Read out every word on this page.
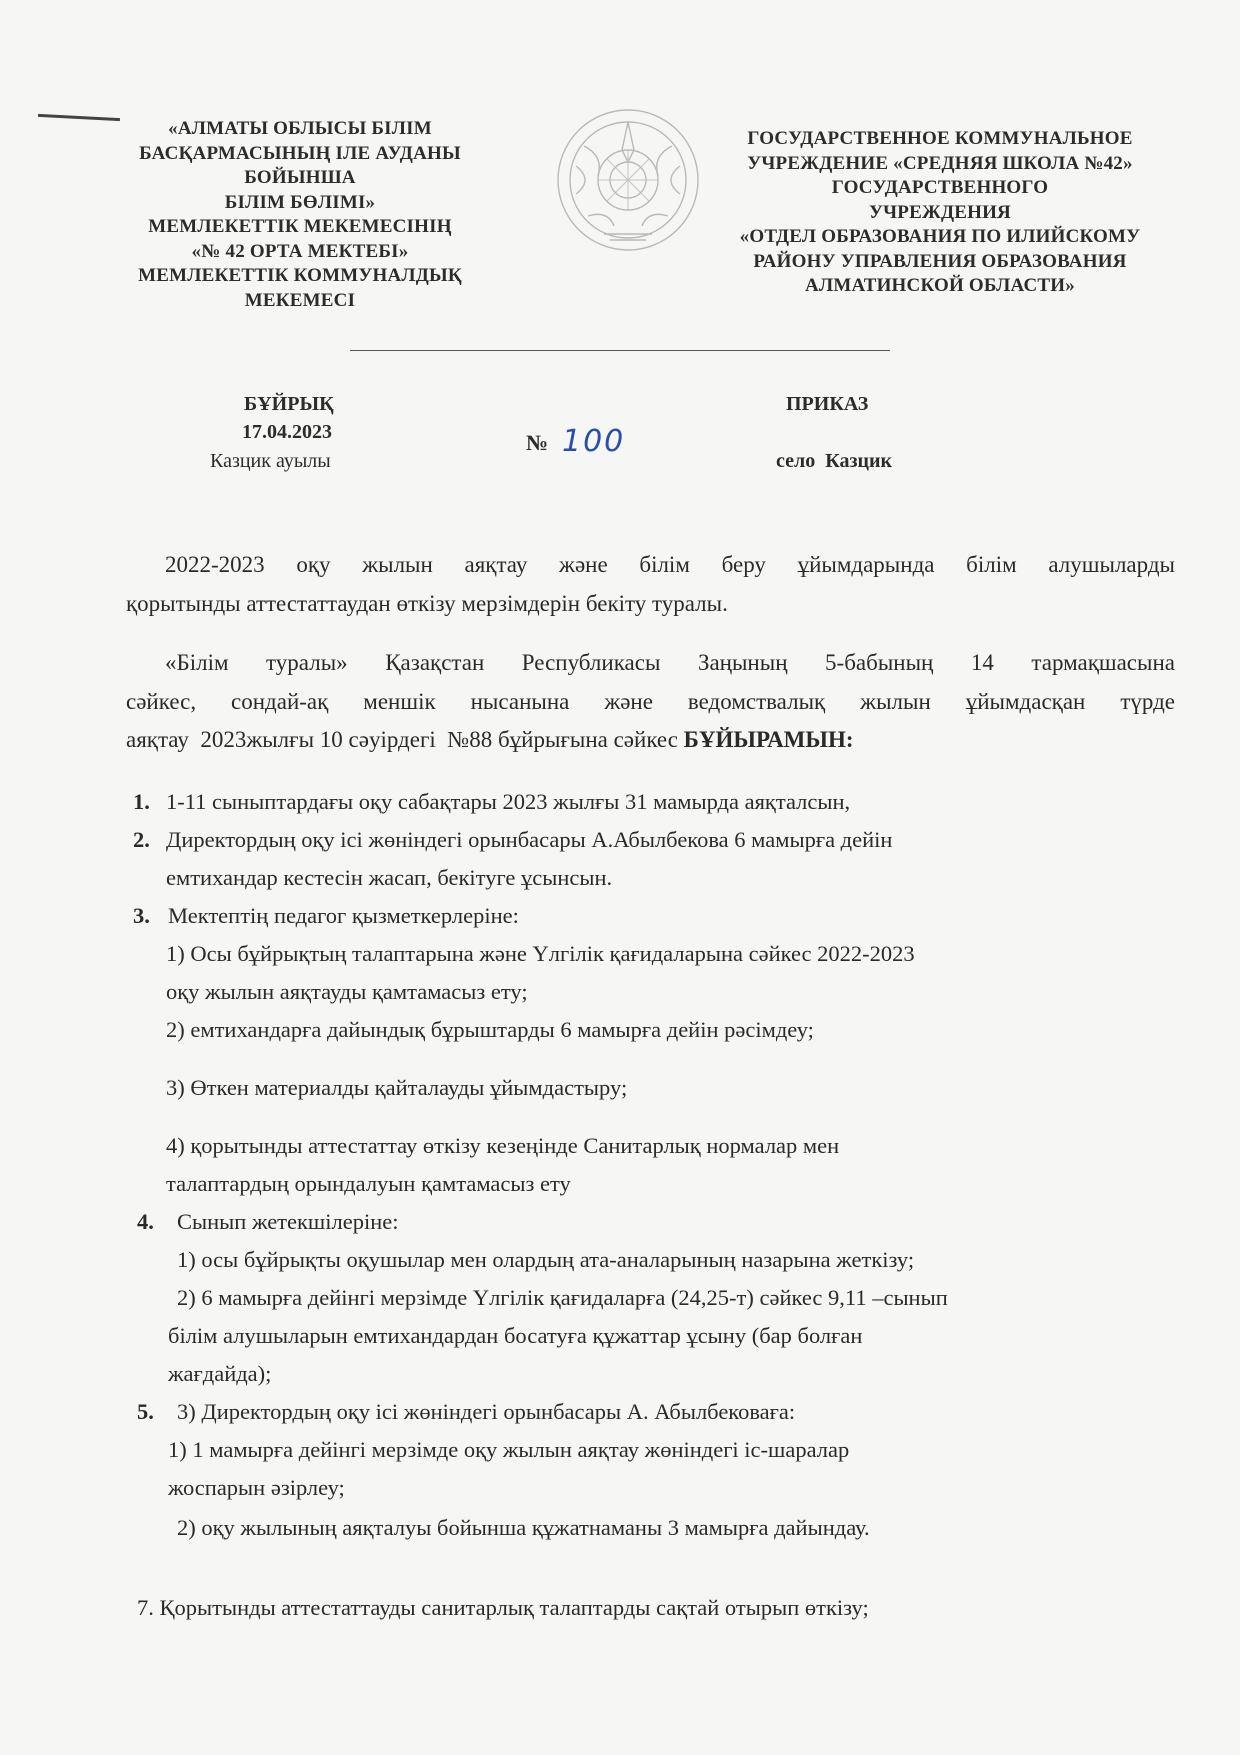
«АЛМАТЫ ОБЛЫСЫ БІЛІМ
БАСҚАРМАСЫНЫҢ ІЛЕ АУДАНЫ
БОЙЫНША
БІЛІМ БӨЛІМІ»
МЕМЛЕКЕТТІК МЕКЕМЕСІНІҢ
«№ 42 ОРТА МЕКТЕБІ»
МЕМЛЕКЕТТІК КОММУНАЛДЫҚ
МЕКЕМЕСІ
ГОСУДАРСТВЕННОЕ КОММУНАЛЬНОЕ
УЧРЕЖДЕНИЕ «СРЕДНЯЯ ШКОЛА №42»
ГОСУДАРСТВЕННОГО
УЧРЕЖДЕНИЯ
«ОТДЕЛ ОБРАЗОВАНИЯ ПО ИЛИЙСКОМУ
РАЙОНУ УПРАВЛЕНИЯ ОБРАЗОВАНИЯ
АЛМАТИНСКОЙ ОБЛАСТИ»
БҰЙРЫҚ
17.04.2023
Казцик ауылы
№ 100
ПРИКАЗ
село  Казцик
2022-2023 оқу жылын аяқтау және білім беру ұйымдарында білім алушыларды
қорытынды аттестаттаудан өткізу мерзімдерін бекіту туралы.
«Білім туралы» Қазақстан Республикасы Заңының 5-бабының 14 тармақшасына
сәйкес, сондай-ақ меншік нысанына және ведомствалық жылын ұйымдасқан түрде
аяқтау  2023жылғы 10 сәуірдегі  №88 бұйрығына сәйкес БҰЙЫРАМЫН:
1. 1-11 сыныптардағы оқу сабақтары 2023 жылғы 31 мамырда аяқталсын,
2. Директордың оқу ісі жөніндегі орынбасары А.Абылбекова 6 мамырға дейін
емтихандар кестесін жасап, бекітуге ұсынсын.
3. Мектептің педагог қызметкерлеріне:
1) Осы бұйрықтың талаптарына және Үлгілік қағидаларына сәйкес 2022-2023
оқу жылын аяқтауды қамтамасыз ету;
2) емтихандарға дайындық бұрыштарды 6 мамырға дейін рәсімдеу;
3) Өткен материалды қайталауды ұйымдастыру;
4) қорытынды аттестаттау өткізу кезеңінде Санитарлық нормалар мен
талаптардың орындалуын қамтамасыз ету
4. Сынып жетекшілеріне:
1) осы бұйрықты оқушылар мен олардың ата-аналарының назарына жеткізу;
2) 6 мамырға дейінгі мерзімде Үлгілік қағидаларға (24,25-т) сәйкес 9,11 –сынып
білім алушыларын емтихандардан босатуға құжаттар ұсыну (бар болған
жағдайда);
5. 3) Директордың оқу ісі жөніндегі орынбасары А. Абылбековаға:
1) 1 мамырға дейінгі мерзімде оқу жылын аяқтау жөніндегі іс-шаралар
жоспарын әзірлеу;
2) оқу жылының аяқталуы бойынша құжатнаманы 3 мамырға дайындау.
7. Қорытынды аттестаттауды санитарлық талаптарды сақтай отырып өткізу;
